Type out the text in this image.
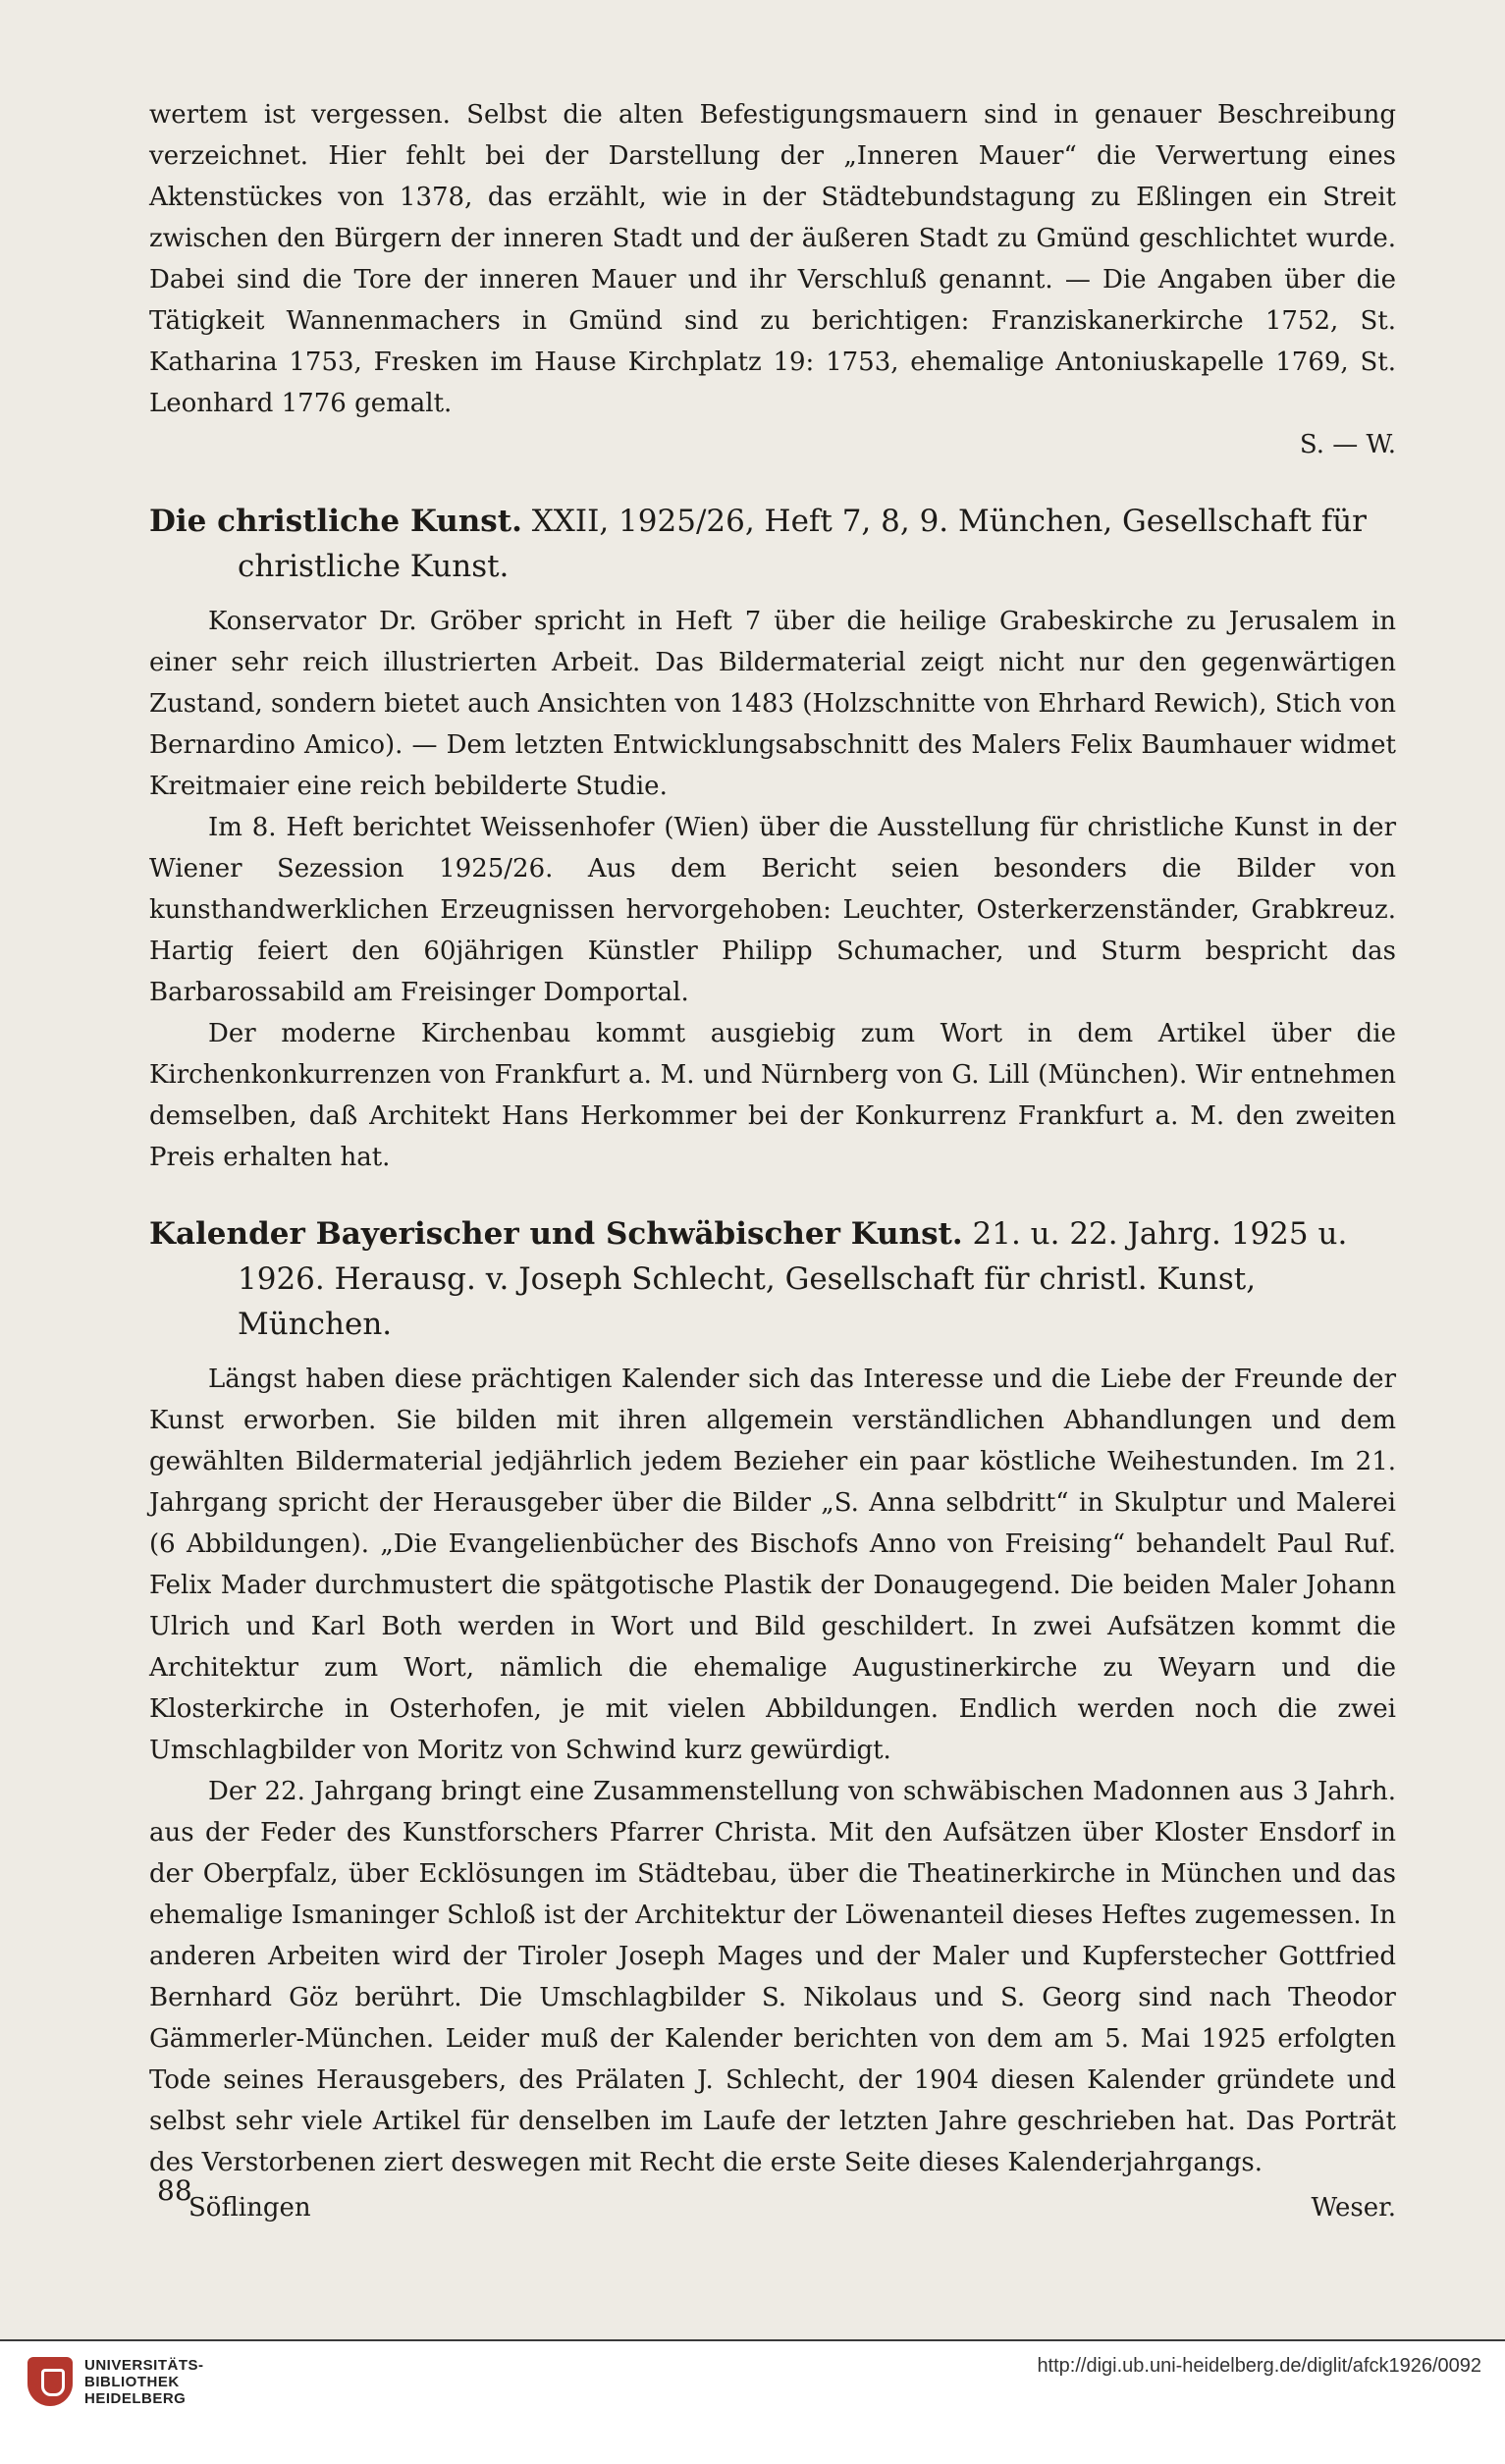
wertem ist vergessen. Selbst die alten Befestigungsmauern sind in genauer Beschreibung verzeichnet. Hier fehlt bei der Darstellung der „Inneren Mauer“ die Verwertung eines Aktenstückes von 1378, das erzählt, wie in der Städtebundstagung zu Eßlingen ein Streit zwischen den Bürgern der inneren Stadt und der äußeren Stadt zu Gmünd geschlichtet wurde. Dabei sind die Tore der inneren Mauer und ihr Verschluß genannt. — Die Angaben über die Tätigkeit Wannenmachers in Gmünd sind zu berichtigen: Franziskanerkirche 1752, St. Katharina 1753, Fresken im Hause Kirchplatz 19: 1753, ehemalige Antoniuskapelle 1769, St. Leonhard 1776 gemalt.

S. — W.
Die christliche Kunst. XXII, 1925/26, Heft 7, 8, 9. München, Gesellschaft für christliche Kunst.

Konservator Dr. Gröber spricht in Heft 7 über die heilige Grabeskirche zu Jerusalem in einer sehr reich illustrierten Arbeit. Das Bildermaterial zeigt nicht nur den gegenwärtigen Zustand, sondern bietet auch Ansichten von 1483 (Holzschnitte von Ehrhard Rewich), Stich von Bernardino Amico). — Dem letzten Entwicklungsabschnitt des Malers Felix Baumhauer widmet Kreitmaier eine reich bebilderte Studie.

Im 8. Heft berichtet Weissenhofer (Wien) über die Ausstellung für christliche Kunst in der Wiener Sezession 1925/26. Aus dem Bericht seien besonders die Bilder von kunsthandwerklichen Erzeugnissen hervorgehoben: Leuchter, Osterkerzenständer, Grabkreuz. Hartig feiert den 60jährigen Künstler Philipp Schumacher, und Sturm bespricht das Barbarossabild am Freisinger Domportal.

Der moderne Kirchenbau kommt ausgiebig zum Wort in dem Artikel über die Kirchenkonkurrenzen von Frankfurt a. M. und Nürnberg von G. Lill (München). Wir entnehmen demselben, daß Architekt Hans Herkommer bei der Konkurrenz Frankfurt a. M. den zweiten Preis erhalten hat.

Kalender Bayerischer und Schwäbischer Kunst. 21. u. 22. Jahrg. 1925 u. 1926. Herausg. v. Joseph Schlecht, Gesellschaft für christl. Kunst, München.

Längst haben diese prächtigen Kalender sich das Interesse und die Liebe der Freunde der Kunst erworben. Sie bilden mit ihren allgemein verständlichen Abhandlungen und dem gewählten Bildermaterial jedjährlich jedem Bezieher ein paar köstliche Weihestunden. Im 21. Jahrgang spricht der Herausgeber über die Bilder „S. Anna selbdritt“ in Skulptur und Malerei (6 Abbildungen). „Die Evangelienbücher des Bischofs Anno von Freising“ behandelt Paul Ruf. Felix Mader durchmustert die spätgotische Plastik der Donaugegend. Die beiden Maler Johann Ulrich und Karl Both werden in Wort und Bild geschildert. In zwei Aufsätzen kommt die Architektur zum Wort, nämlich die ehemalige Augustinerkirche zu Weyarn und die Klosterkirche in Osterhofen, je mit vielen Abbildungen. Endlich werden noch die zwei Umschlagbilder von Moritz von Schwind kurz gewürdigt.

Der 22. Jahrgang bringt eine Zusammenstellung von schwäbischen Madonnen aus 3 Jahrh. aus der Feder des Kunstforschers Pfarrer Christa. Mit den Aufsätzen über Kloster Ensdorf in der Oberpfalz, über Ecklösungen im Städtebau, über die Theatinerkirche in München und das ehemalige Ismaninger Schloß ist der Architektur der Löwenanteil dieses Heftes zugemessen. In anderen Arbeiten wird der Tiroler Joseph Mages und der Maler und Kupferstecher Gottfried Bernhard Göz berührt. Die Umschlagbilder S. Nikolaus und S. Georg sind nach Theodor Gämmerler-München. Leider muß der Kalender berichten von dem am 5. Mai 1925 erfolgten Tode seines Herausgebers, des Prälaten J. Schlecht, der 1904 diesen Kalender gründete und selbst sehr viele Artikel für denselben im Laufe der letzten Jahre geschrieben hat. Das Porträt des Verstorbenen ziert deswegen mit Recht die erste Seite dieses Kalenderjahrgangs.

Söflingen	Weser.
88
UNIVERSITÄTS-
BIBLIOTHEK
HEIDELBERG
http://digi.ub.uni-heidelberg.de/diglit/afck1926/0092
